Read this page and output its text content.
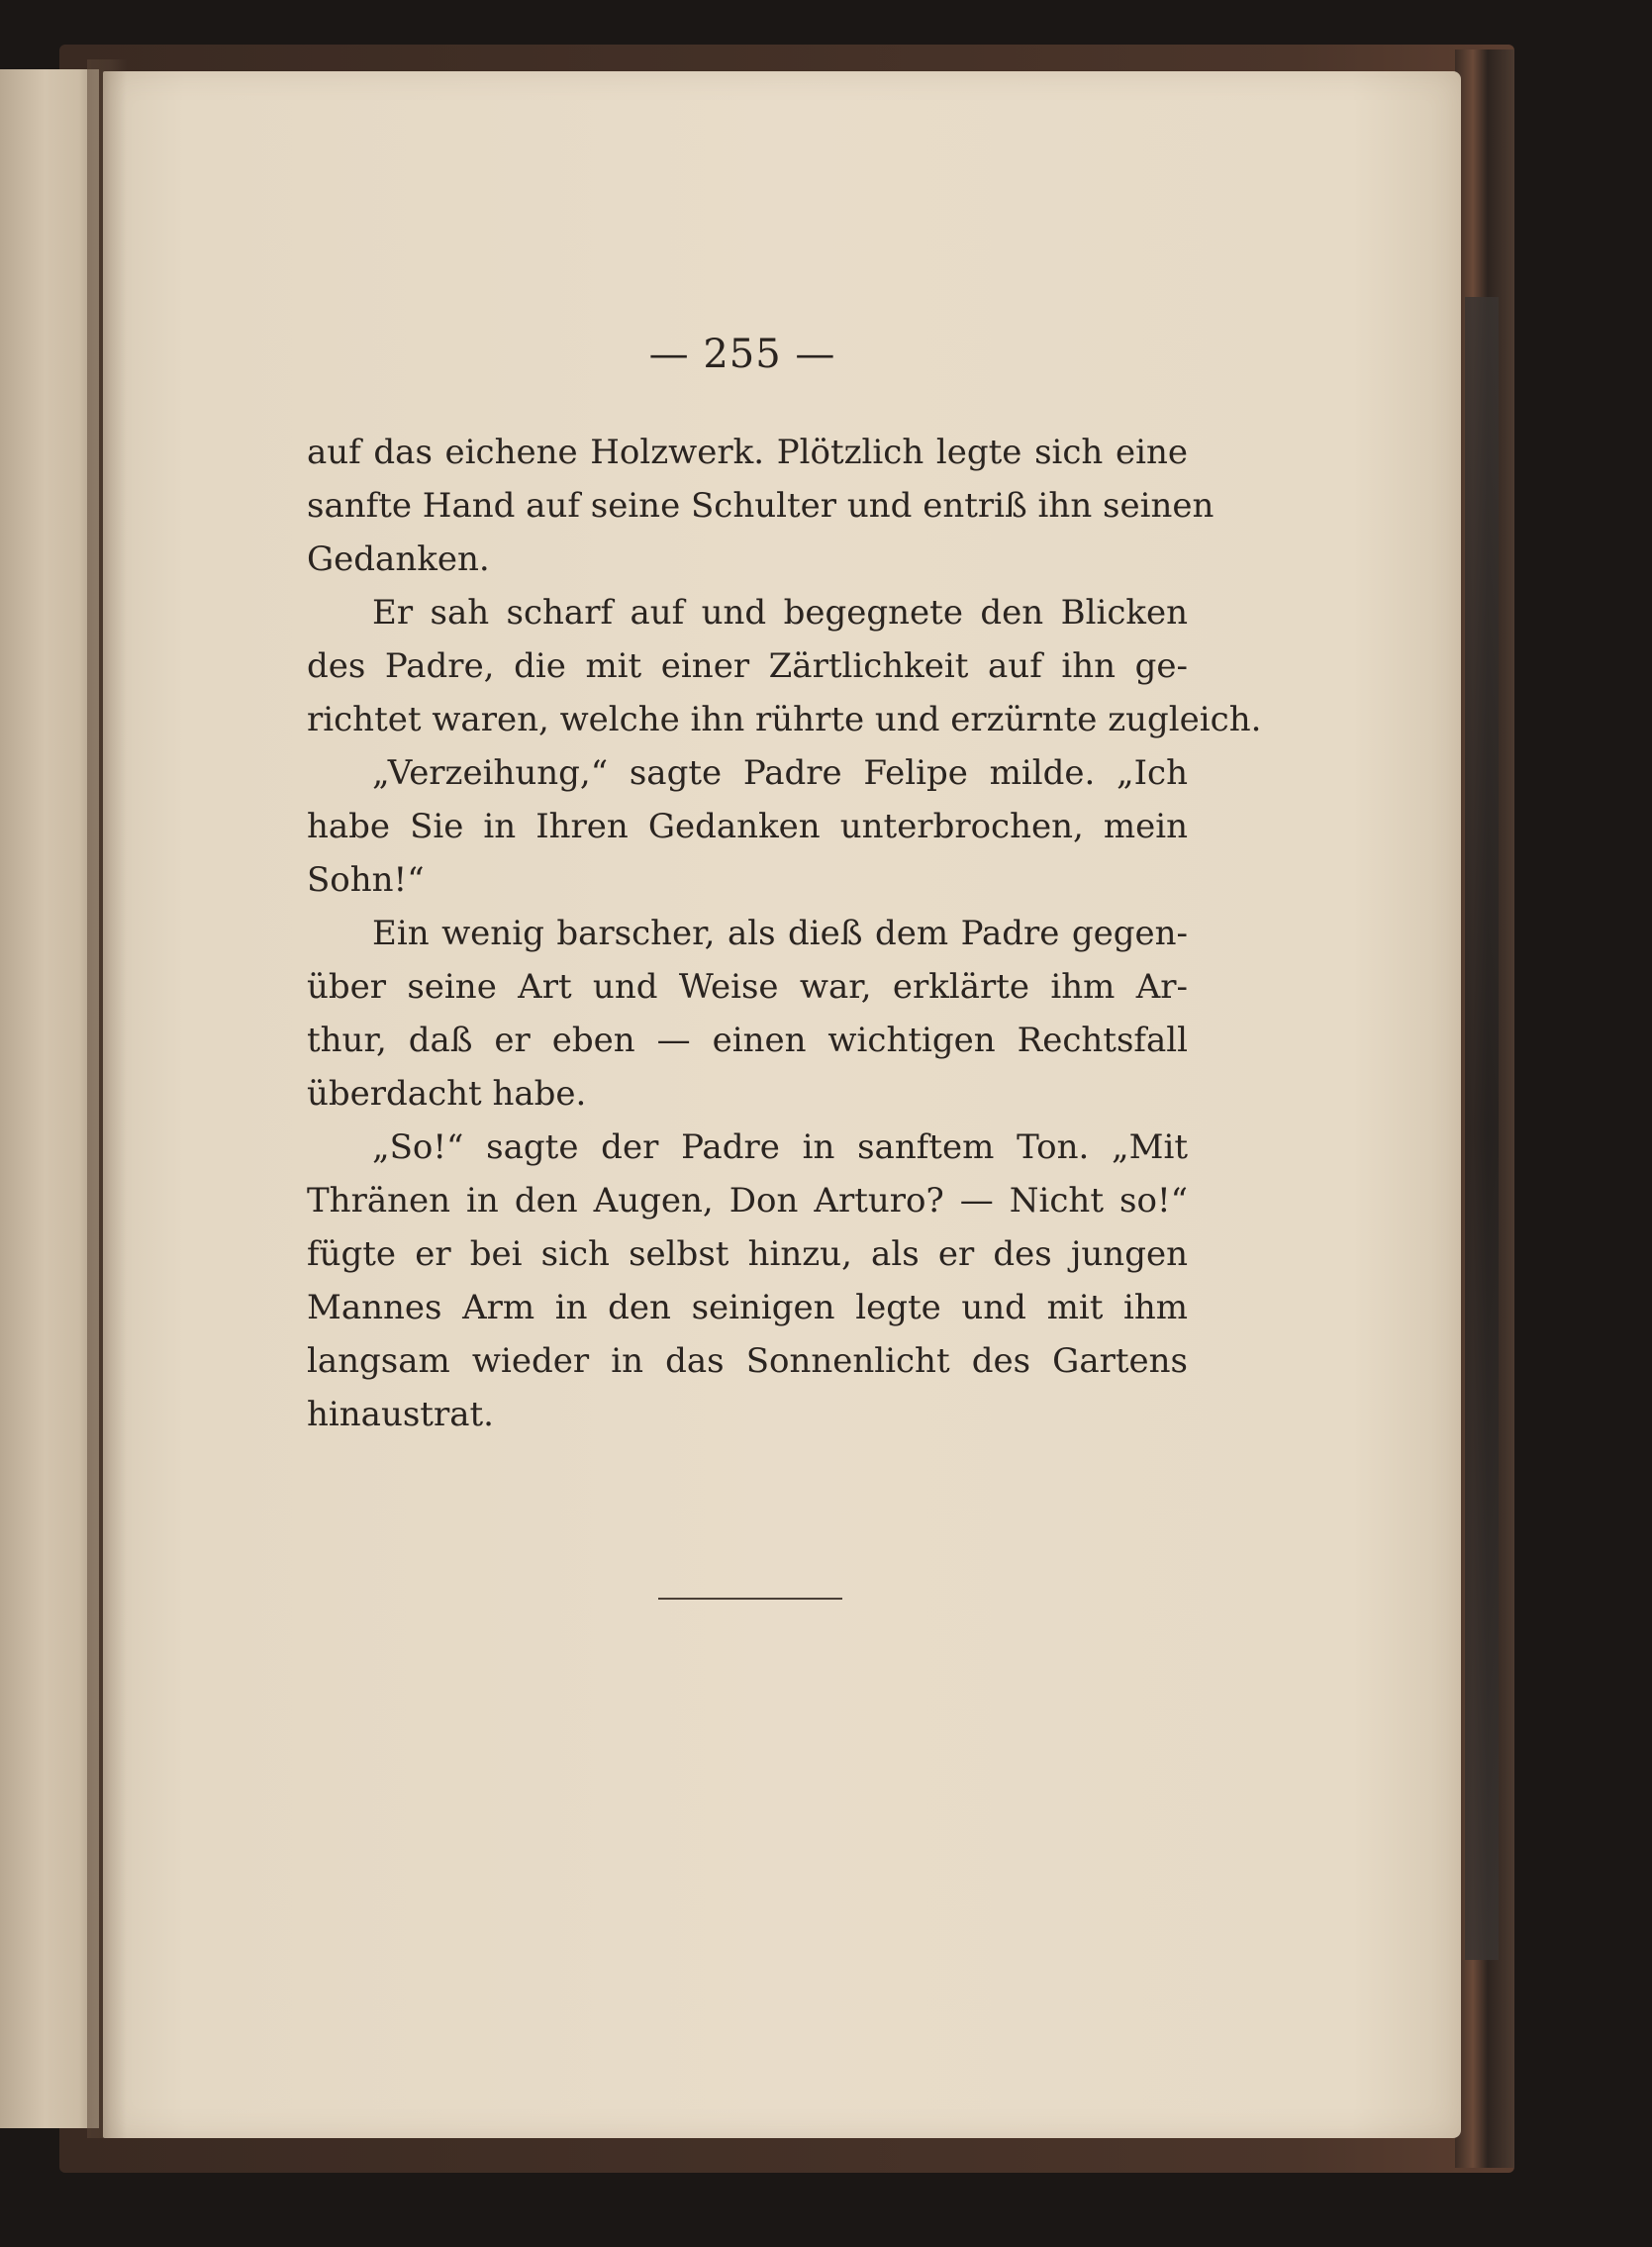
— 255 —
auf das eichene Holzwerk. Plötzlich legte sich eine
sanfte Hand auf seine Schulter und entriß ihn seinen
Gedanken.
Er sah scharf auf und begegnete den Blicken
des Padre, die mit einer Zärtlichkeit auf ihn ge-
richtet waren, welche ihn rührte und erzürnte zugleich.
„Verzeihung,“ sagte Padre Felipe milde. „Ich
habe Sie in Ihren Gedanken unterbrochen, mein
Sohn!“
Ein wenig barscher, als dieß dem Padre gegen-
über seine Art und Weise war, erklärte ihm Ar-
thur, daß er eben — einen wichtigen Rechtsfall
überdacht habe.
„So!“ sagte der Padre in sanftem Ton. „Mit
Thränen in den Augen, Don Arturo? — Nicht so!“
fügte er bei sich selbst hinzu, als er des jungen
Mannes Arm in den seinigen legte und mit ihm
langsam wieder in das Sonnenlicht des Gartens
hinaustrat.
